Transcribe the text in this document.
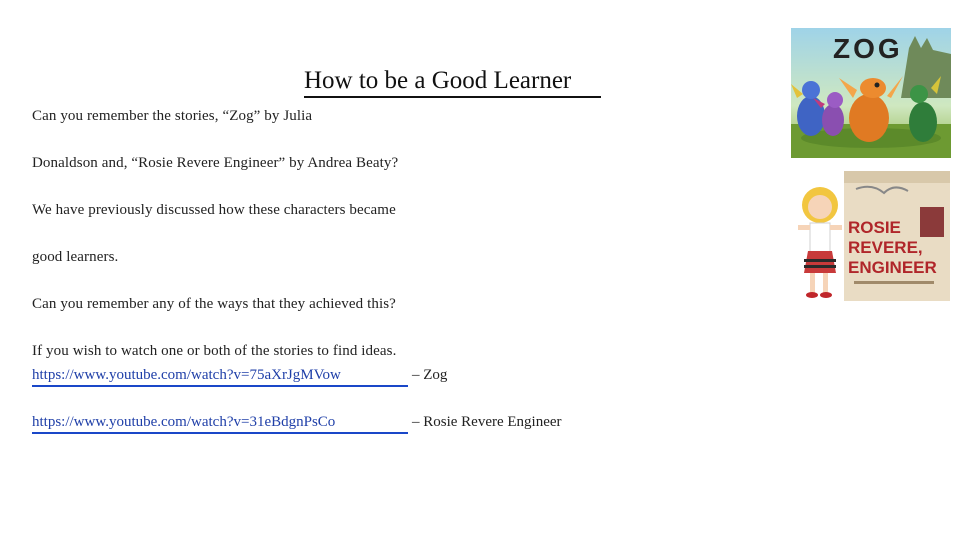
How to be a Good Learner
Can you remember the stories, “Zog” by Julia
Donaldson and, “Rosie Revere Engineer” by Andrea Beaty?
We have previously discussed how these characters became
good learners.
Can you remember any of the ways that they achieved this?
If you wish to watch one or both of the stories to find ideas.
https://www.youtube.com/watch?v=75aXrJgMVow	– Zog
https://www.youtube.com/watch?v=31eBdgnPsCo	– Rosie Revere Engineer
ZOG
ROSIE
REVERE,
ENGINEER
